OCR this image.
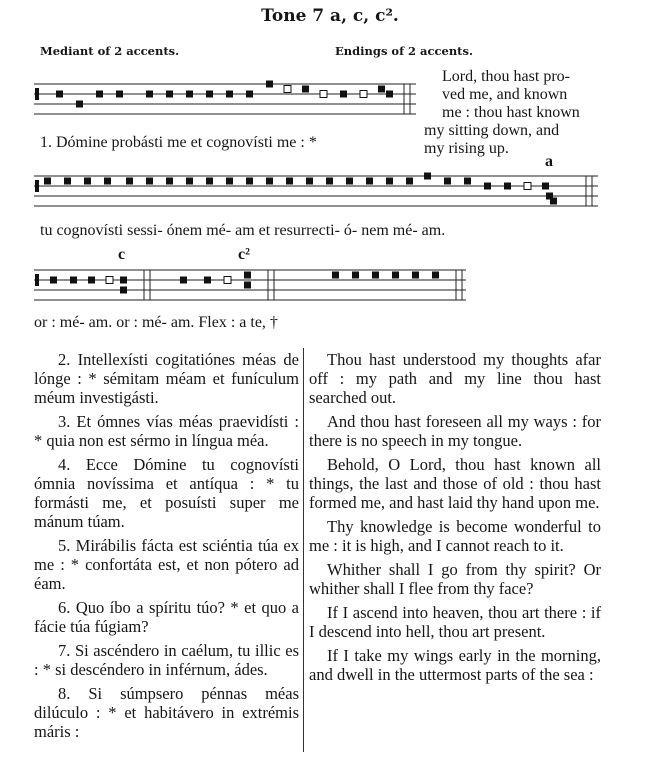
Tone 7 a, c, c².
Mediant of 2 accents.	Endings of 2 accents.
a
c	c²
1. Dómine probásti me et cognovísti me : *
tu cognovísti sessi- ónem mé- am et resurrecti- ó- nem mé- am.
or : mé- am. or : mé- am. Flex : a te, †
Lord, thou hast pro-
ved me, and known
me : thou hast known
my sitting down, and
my rising up.

2. Intellexísti cogitatiónes méas de lónge : * sémitam méam et funículum méum investigásti.

3. Et ómnes vías méas praevidísti : * quia non est sérmo in língua méa.

4. Ecce Dómine tu cognovísti ómnia novíssima et antíqua : * tu formásti me, et posuísti super me mánum túam.

5. Mirábilis fácta est sciéntia túa ex me : * confortáta est, et non pótero ad éam.

6. Quo íbo a spíritu túo? * et quo a fácie túa fúgiam?

7. Si ascéndero in caélum, tu illic es : * si descéndero in inférnum, ádes.

8. Si súmpsero pénnas méas dilúculo : * et habitávero in extrémis máris :

Thou hast understood my thoughts afar off : my path and my line thou hast searched out.

And thou hast foreseen all my ways : for there is no speech in my tongue.

Behold, O Lord, thou hast known all things, the last and those of old : thou hast formed me, and hast laid thy hand upon me.

Thy knowledge is become wonderful to me : it is high, and I cannot reach to it.

Whither shall I go from thy spirit? Or whither shall I flee from thy face?

If I ascend into heaven, thou art there : if I descend into hell, thou art present.

If I take my wings early in the morning, and dwell in the uttermost parts of the sea :
